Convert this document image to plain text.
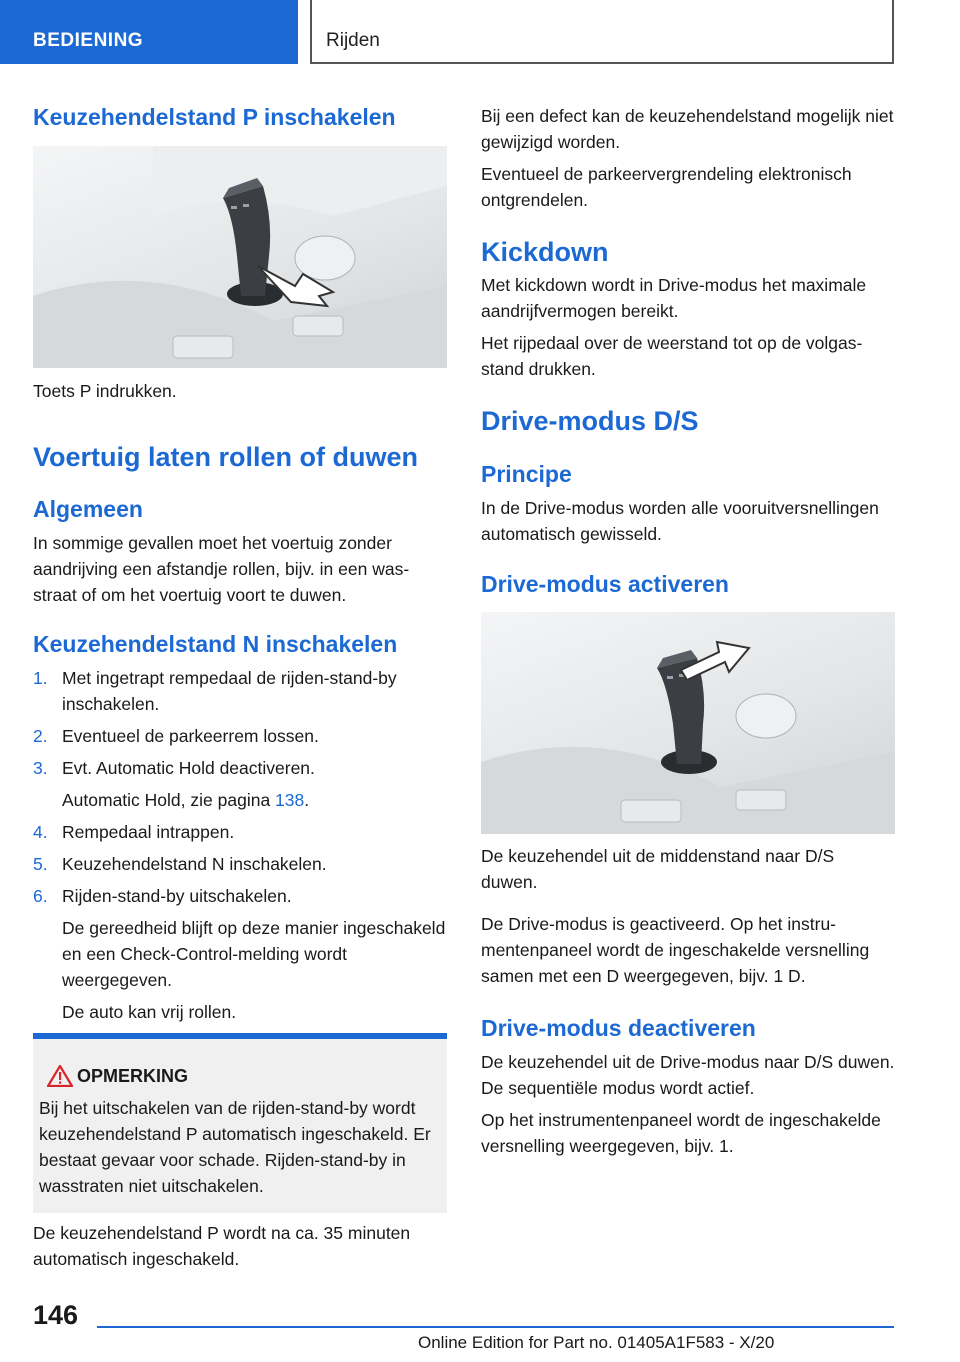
BEDIENING	Rijden
Keuzehendelstand P inschakelen

Toets P indrukken.

Voertuig laten rollen of duwen
Algemeen

In sommige gevallen moet het voertuig zonder aandrijving een afstandje rollen, bijv. in een wasstraat of om het voertuig voort te duwen.

Keuzehendelstand N inschakelen
1. Met ingetrapt rempedaal de rijden-stand-by inschakelen.
2. Eventueel de parkeerrem lossen.
3. Evt. Automatic Hold deactiveren.
Automatic Hold, zie pagina 138.
4. Rempedaal intrappen.
5. Keuzehendelstand N inschakelen.
6. Rijden-stand-by uitschakelen.
De gereedheid blijft op deze manier ingeschakeld en een Check-Control-melding wordt weergegeven.
De auto kan vrij rollen.
OPMERKING
Bij het uitschakelen van de rijden-stand-by wordt keuzehendelstand P automatisch ingeschakeld. Er bestaat gevaar voor schade. Rijden-stand-by in wasstraten niet uitschakelen.

De keuzehendelstand P wordt na ca. 35 minuten automatisch ingeschakeld.

Bij een defect kan de keuzehendelstand mogelijk niet gewijzigd worden.

Eventueel de parkeervergrendeling elektronisch ontgrendelen.

Kickdown

Met kickdown wordt in Drive-modus het maximale aandrijfvermogen bereikt.

Het rijpedaal over de weerstand tot op de volgasstand drukken.

Drive-modus D/S
Principe

In de Drive-modus worden alle vooruitversnellingen automatisch gewisseld.

Drive-modus activeren

De keuzehendel uit de middenstand naar D/S duwen.

De Drive-modus is geactiveerd. Op het instrumentenpaneel wordt de ingeschakelde versnelling samen met een D weergegeven, bijv. 1 D.

Drive-modus deactiveren

De keuzehendel uit de Drive-modus naar D/S duwen. De sequentiële modus wordt actief.

Op het instrumentenpaneel wordt de ingeschakelde versnelling weergegeven, bijv. 1.

146
Online Edition for Part no. 01405A1F583 - X/20
